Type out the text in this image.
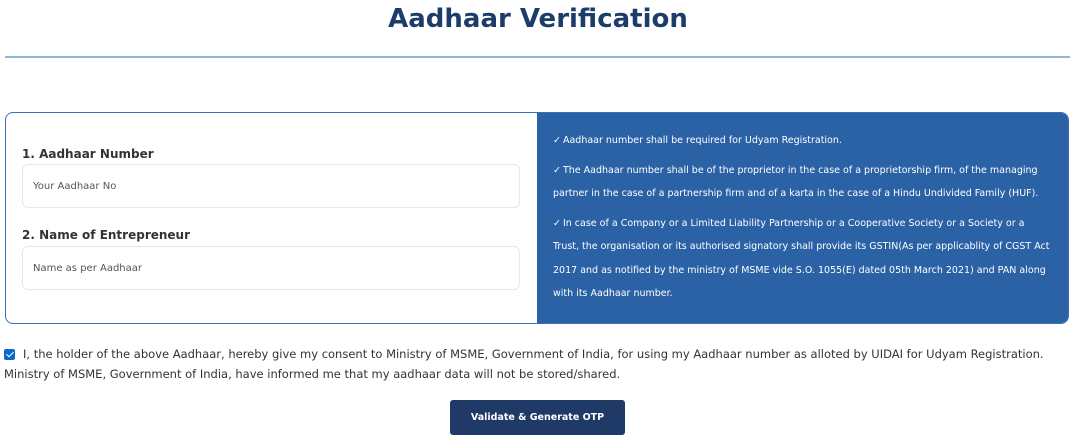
Aadhaar Verification
1. Aadhaar Number
Your Aadhaar No
2. Name of Entrepreneur
Name as per Aadhaar

✓ Aadhaar number shall be required for Udyam Registration.

✓ The Aadhaar number shall be of the proprietor in the case of a proprietorship firm, of the managing partner in the case of a partnership firm and of a karta in the case of a Hindu Undivided Family (HUF).

✓ In case of a Company or a Limited Liability Partnership or a Cooperative Society or a Society or a Trust, the organisation or its authorised signatory shall provide its GSTIN(As per applicablity of CGST Act 2017 and as notified by the ministry of MSME vide S.O. 1055(E) dated 05th March 2021) and PAN along with its Aadhaar number.

I, the holder of the above Aadhaar, hereby give my consent to Ministry of MSME, Government of India, for using my Aadhaar number as alloted by UIDAI for Udyam Registration. Ministry of MSME, Government of India, have informed me that my aadhaar data will not be stored/shared.
Validate & Generate OTP
